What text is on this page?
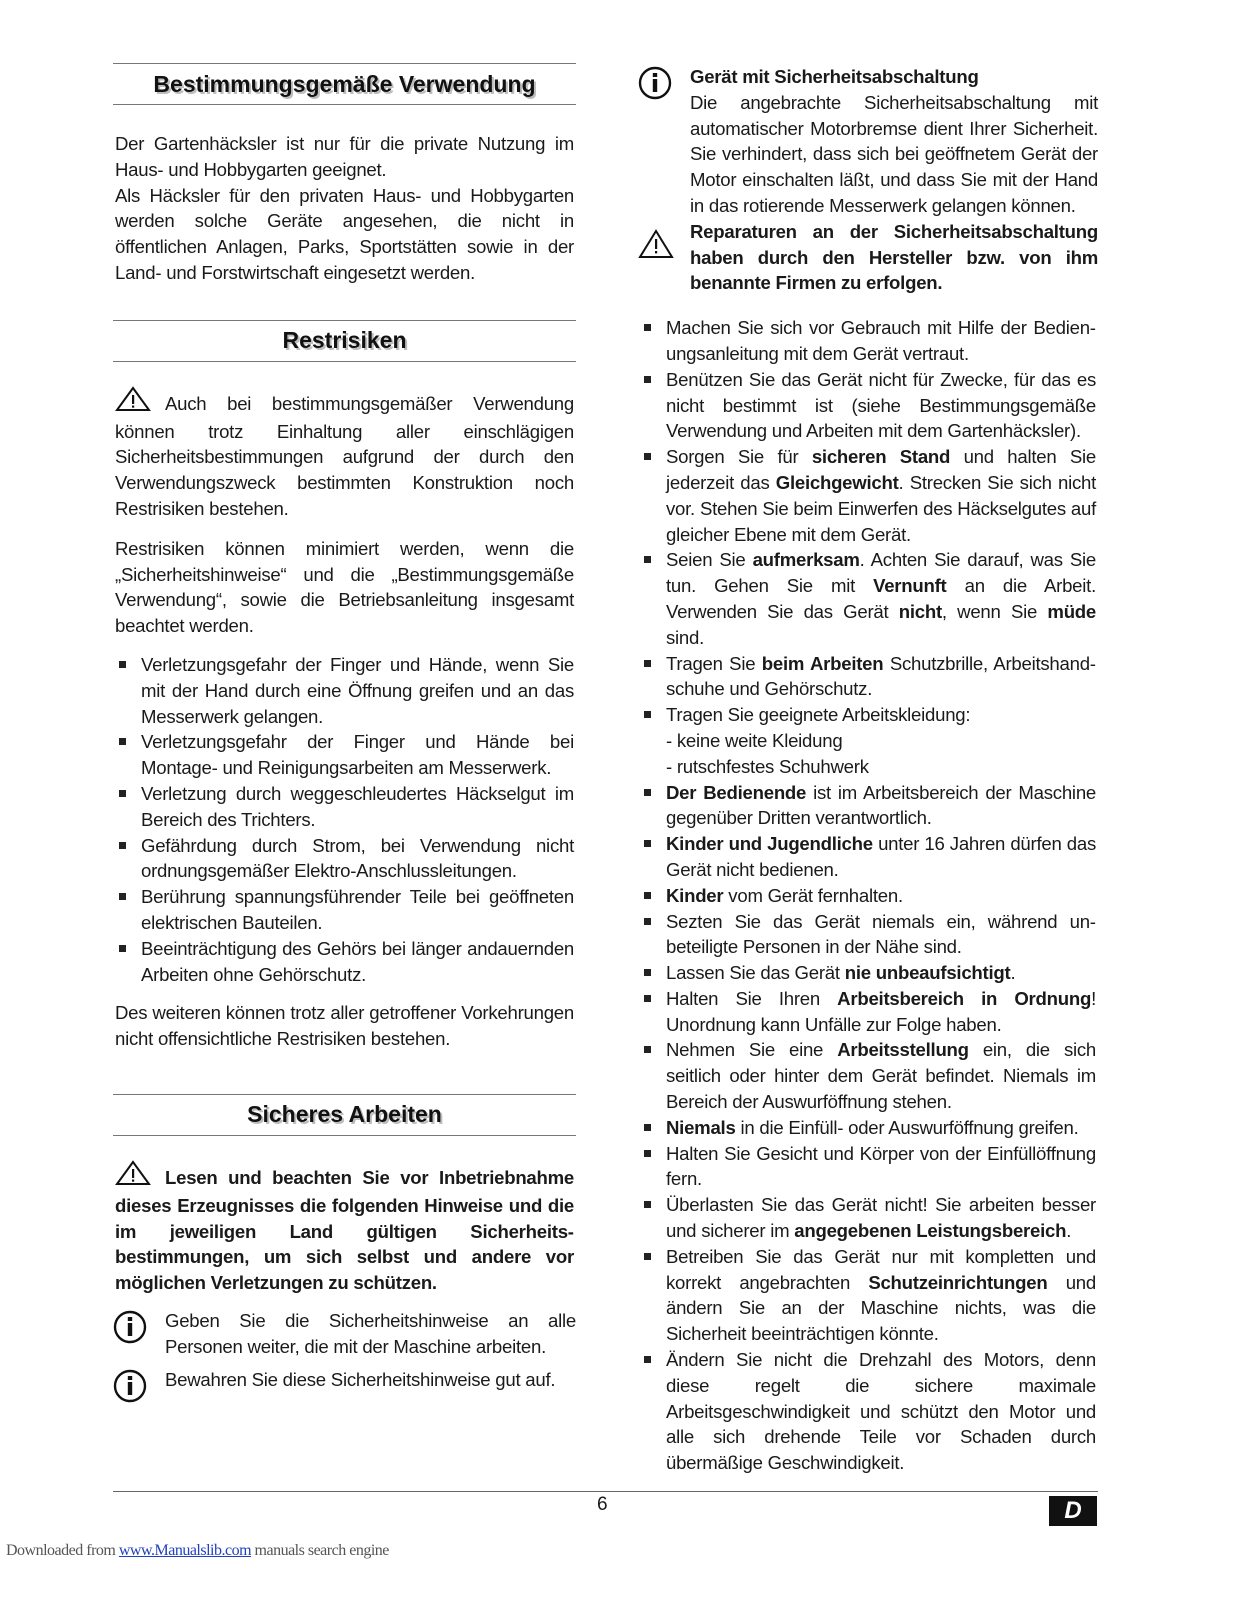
Bestimmungsgemäße Verwendung

Der Gartenhäcksler ist nur für die private Nutzung im Haus- und Hobbygarten geeignet.

Als Häcksler für den privaten Haus- und Hobbygarten werden solche Geräte angesehen, die nicht in öffentlichen Anlagen, Parks, Sportstätten sowie in der Land- und Forstwirtschaft eingesetzt werden.

Restrisiken

Auch bei bestimmungsgemäßer Verwendung können trotz Einhaltung aller einschlägigen Sicherheitsbestimmungen aufgrund der durch den Verwendungszweck bestimmten Konstruktion noch Restrisiken bestehen.

Restrisiken können minimiert werden, wenn die „Sicherheitshinweise“ und die „Bestimmungsgemäße Verwendung“, sowie die Betriebsanleitung insgesamt beachtet werden.

Verletzungsgefahr der Finger und Hände, wenn Sie mit der Hand durch eine Öffnung greifen und an das Messerwerk gelangen.
Verletzungsgefahr der Finger und Hände bei Montage- und Reinigungsarbeiten am Messerwerk.
Verletzung durch weggeschleudertes Häckselgut im Bereich des Trichters.
Gefährdung durch Strom, bei Verwendung nicht ordnungsgemäßer Elektro-Anschlussleitungen.
Berührung spannungsführender Teile bei geöffneten elektrischen Bauteilen.
Beeinträchtigung des Gehörs bei länger andauernden Arbeiten ohne Gehörschutz.

Des weiteren können trotz aller getroffener Vorkehrungen nicht offensichtliche Restrisiken bestehen.

Sicheres Arbeiten

Lesen und beachten Sie vor Inbetriebnahme dieses Erzeugnisses die folgenden Hinweise und die im jeweiligen Land gültigen Sicherheitsbestimmungen, um sich selbst und andere vor möglichen Verletzungen zu schützen.

Geben Sie die Sicherheitshinweise an alle Personen weiter, die mit der Maschine arbeiten.
Bewahren Sie diese Sicherheitshinweise gut auf.
Gerät mit Sicherheitsabschaltung
Die angebrachte Sicherheitsabschaltung mit automatischer Motorbremse dient Ihrer Sicherheit. Sie verhindert, dass sich bei geöffnetem Gerät der Motor einschalten läßt, und dass Sie mit der Hand in das rotierende Messerwerk gelangen können.
Reparaturen an der Sicherheitsabschaltung haben durch den Hersteller bzw. von ihm benannte Firmen zu erfolgen.
Machen Sie sich vor Gebrauch mit Hilfe der Bedienungsanleitung mit dem Gerät vertraut.
Benützen Sie das Gerät nicht für Zwecke, für das es nicht bestimmt ist (siehe Bestimmungsgemäße Verwendung und Arbeiten mit dem Gartenhäcksler).
Sorgen Sie für sicheren Stand und halten Sie jederzeit das Gleichgewicht. Strecken Sie sich nicht vor. Stehen Sie beim Einwerfen des Häckselgutes auf gleicher Ebene mit dem Gerät.
Seien Sie aufmerksam. Achten Sie darauf, was Sie tun. Gehen Sie mit Vernunft an die Arbeit. Verwenden Sie das Gerät nicht, wenn Sie müde sind.
Tragen Sie beim Arbeiten Schutzbrille, Arbeitshandschuhe und Gehörschutz.
Tragen Sie geeignete Arbeitskleidung:
- keine weite Kleidung
- rutschfestes Schuhwerk
Der Bedienende ist im Arbeitsbereich der Maschine gegenüber Dritten verantwortlich.
Kinder und Jugendliche unter 16 Jahren dürfen das Gerät nicht bedienen.
Kinder vom Gerät fernhalten.
Sezten Sie das Gerät niemals ein, während unbeteiligte Personen in der Nähe sind.
Lassen Sie das Gerät nie unbeaufsichtigt.
Halten Sie Ihren Arbeitsbereich in Ordnung! Unordnung kann Unfälle zur Folge haben.
Nehmen Sie eine Arbeitsstellung ein, die sich seitlich oder hinter dem Gerät befindet. Niemals im Bereich der Auswurföffnung stehen.
Niemals in die Einfüll- oder Auswurföffnung greifen.
Halten Sie Gesicht und Körper von der Einfüllöffnung fern.
Überlasten Sie das Gerät nicht! Sie arbeiten besser und sicherer im angegebenen Leistungsbereich.
Betreiben Sie das Gerät nur mit kompletten und korrekt angebrachten Schutzeinrichtungen und ändern Sie an der Maschine nichts, was die Sicherheit beeinträchtigen könnte.
Ändern Sie nicht die Drehzahl des Motors, denn diese regelt die sichere maximale Arbeitsgeschwindigkeit und schützt den Motor und alle sich drehende Teile vor Schaden durch übermäßige Geschwindigkeit.
6	D
Downloaded from www.Manualslib.com manuals search engine
